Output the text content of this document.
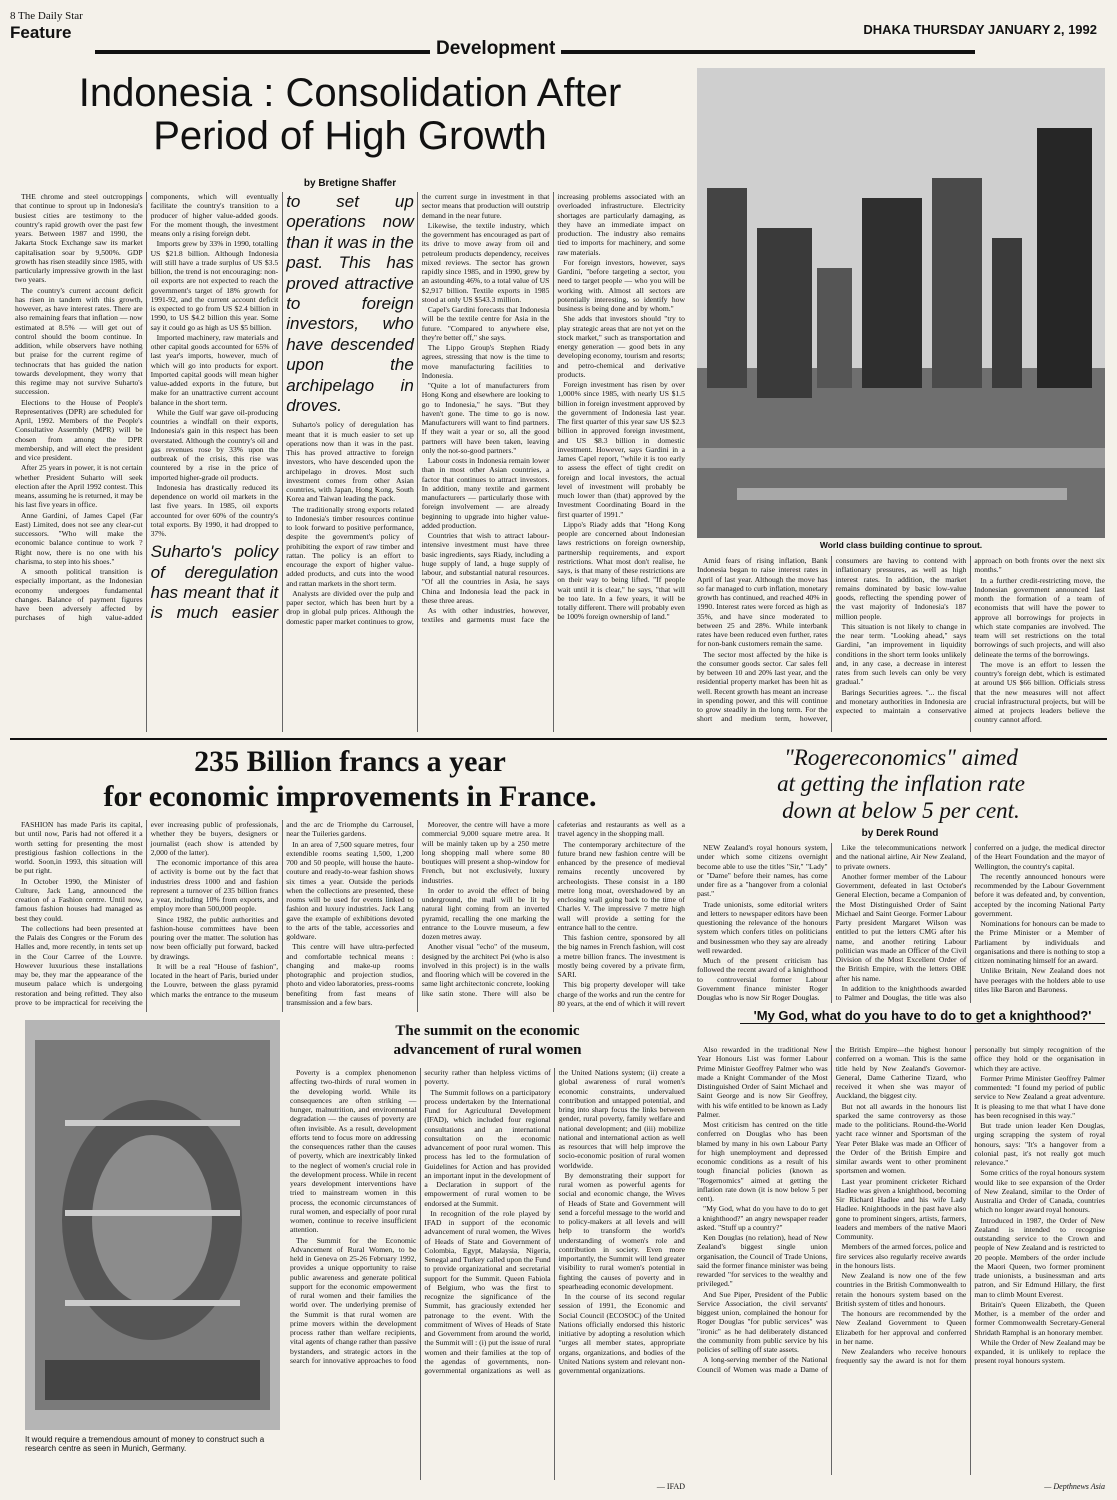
8 The Daily Star
Feature
Development
DHAKA THURSDAY JANUARY 2, 1992
Indonesia : Consolidation After
Period of High Growth
by Bretigne Shaffer
World class building continue to sprout.

THE chrome and steel outcroppings that continue to sprout up in Indonesia's busiest cities are testimony to the country's rapid growth over the past few years. Between 1987 and 1990, the Jakarta Stock Exchange saw its market capitalisation soar by 9,500%. GDP growth has risen steadily since 1985, with particularly impressive growth in the last two years.

The country's current account deficit has risen in tandem with this growth, however, as have interest rates. There are also remaining fears that inflation — now estimated at 8.5% — will get out of control should the boom continue. In addition, while observers have nothing but praise for the current regime of technocrats that has guided the nation towards development, they worry that this regime may not survive Suharto's succession.

Elections to the House of People's Representatives (DPR) are scheduled for April, 1992. Members of the People's Consultative Assembly (MPR) will be chosen from among the DPR membership, and will elect the president and vice president.

After 25 years in power, it is not certain whether President Suharto will seek election after the April 1992 contest. This means, assuming he is returned, it may be his last five years in office.

Anne Gardini, of James Capel (Far East) Limited, does not see any clear-cut successors. "Who will make the economic balance continue to work ? Right now, there is no one with his charisma, to step into his shoes."

A smooth political transition is especially important, as the Indonesian economy undergoes fundamental changes. Balance of payment figures have been adversely affected by purchases of high value-added components, which will eventually facilitate the country's transition to a producer of higher value-added goods. For the moment though, the investment means only a rising foreign debt.

Imports grew by 33% in 1990, totalling US $21.8 billion. Although Indonesia will still have a trade surplus of US $3.5 billion, the trend is not encouraging: non-oil exports are not expected to reach the government's target of 18% growth for 1991-92, and the current account deficit is expected to go from US $2.4 billion in 1990, to US $4.2 billion this year. Some say it could go as high as US $5 billion.

Imported machinery, raw materials and other capital goods accounted for 65% of last year's imports, however, much of which will go into products for export. Imported capital goods will mean higher value-added exports in the future, but make for an unattractive current account balance in the short term.

While the Gulf war gave oil-producing countries a windfall on their exports, Indonesia's gain in this respect has been overstated. Although the country's oil and gas revenues rose by 33% upon the outbreak of the crisis, this rise was countered by a rise in the price of imported higher-grade oil products.

Indonesia has drastically reduced its dependence on world oil markets in the last five years. In 1985, oil exports accounted for over 60% of the country's total exports. By 1990, it had dropped to 37%.

Suharto's policy of deregulation has meant that it is much easier to set up operations now than it was in the past. This has proved attractive to foreign investors, who have descended upon the archipelago in droves.

Suharto's policy of deregulation has meant that it is much easier to set up operations now than it was in the past. This has proved attractive to foreign investors, who have descended upon the archipelago in droves. Most such investment comes from other Asian countries, with Japan, Hong Kong, South Korea and Taiwan leading the pack.

The traditionally strong exports related to Indonesia's timber resources continue to look forward to positive performance, despite the government's policy of prohibiting the export of raw timber and rattan. The policy is an effort to encourage the export of higher value-added products, and cuts into the wood and rattan markets in the short term.

Analysts are divided over the pulp and paper sector, which has been hurt by a drop in global pulp prices. Although the domestic paper market continues to grow, the current surge in investment in that sector means that production will outstrip demand in the near future.

Likewise, the textile industry, which the government has encouraged as part of its drive to move away from oil and petroleum products dependency, receives mixed reviews. The sector has grown rapidly since 1985, and in 1990, grew by an astounding 46%, to a total value of US $2,917 billion. Textile exports in 1985 stood at only US $543.3 million.

Capel's Gardini forecasts that Indonesia will be the textile centre for Asia in the future. "Compared to anywhere else, they're better off," she says.

The Lippo Group's Stephen Riady agrees, stressing that now is the time to move manufacturing facilities to Indonesia.

"Quite a lot of manufacturers from Hong Kong and elsewhere are looking to go to Indonesia," he says. "But they haven't gone. The time to go is now. Manufacturers will want to find partners. If they wait a year or so, all the good partners will have been taken, leaving only the not-so-good partners."

Labour costs in Indonesia remain lower than in most other Asian countries, a factor that continues to attract investors. In addition, many textile and garment manufacturers — particularly those with foreign involvement — are already beginning to upgrade into higher value-added production.

Countries that wish to attract labour-intensive investment must have three basic ingredients, says Riady, including a huge supply of land, a huge supply of labour, and substantial natural resources. "Of all the countries in Asia, he says China and Indonesia lead the pack in these three areas.

As with other industries, however, textiles and garments must face the increasing problems associated with an overloaded infrastructure. Electricity shortages are particularly damaging, as they have an immediate impact on production. The industry also remains tied to imports for machinery, and some raw materials.

For foreign investors, however, says Gardini, "before targeting a sector, you need to target people — who you will be working with. Almost all sectors are potentially interesting, so identify how business is being done and by whom."

She adds that investors should "try to play strategic areas that are not yet on the stock market," such as transportation and energy generation — good bets in any developing economy, tourism and resorts; and petro-chemical and derivative products.

Foreign investment has risen by over 1,000% since 1985, with nearly US $1.5 billion in foreign investment approved by the government of Indonesia last year. The first quarter of this year saw US $2.3 billion in approved foreign investment, and US $8.3 billion in domestic investment. However, says Gardini in a James Capel report, "while it is too early to assess the effect of tight credit on foreign and local investors, the actual level of investment will probably be much lower than (that) approved by the Investment Coordinating Board in the first quarter of 1991."

Lippo's Riady adds that "Hong Kong people are concerned about Indonesian laws restrictions on foreign ownership, partnership requirements, and export restrictions. What most don't realise, he says, is that many of these restrictions are on their way to being lifted. "If people wait until it is clear," he says, "that will be too late. In a few years, it will be totally different. There will probably even be 100% foreign ownership of land."

Amid fears of rising inflation, Bank Indonesia began to raise interest rates in April of last year. Although the move has so far managed to curb inflation, monetary growth has continued, and reached 40% in 1990. Interest rates were forced as high as 35%, and have since moderated to between 25 and 28%. While interbank rates have been reduced even further, rates for non-bank customers remain the same.

The sector most affected by the hike is the consumer goods sector. Car sales fell by between 10 and 20% last year, and the residential property market has been hit as well. Recent growth has meant an increase in spending power, and this will continue to grow steadily in the long term. For the short and medium term, however, consumers are having to contend with inflationary pressures, as well as high interest rates. In addition, the market remains dominated by basic low-value goods, reflecting the spending power of the vast majority of Indonesia's 187 million people.

This situation is not likely to change in the near term. "Looking ahead," says Gardini, "an improvement in liquidity conditions in the short term looks unlikely and, in any case, a decrease in interest rates from such levels can only be very gradual."

Barings Securities agrees. "... the fiscal and monetary authorities in Indonesia are expected to maintain a conservative approach on both fronts over the next six months."

In a further credit-restricting move, the Indonesian government announced last month the formation of a team of economists that will have the power to approve all borrowings for projects in which state companies are involved. The team will set restrictions on the total borrowings of such projects, and will also delineate the terms of the borrowings.

The move is an effort to lessen the country's foreign debt, which is estimated at around US $66 billion. Officials stress that the new measures will not affect crucial infrastructural projects, but will be aimed at projects leaders believe the country cannot afford.

235 Billion francs a year
for economic improvements in France.

FASHION has made Paris its capital, but until now, Paris had not offered it a worth setting for presenting the most prestigious fashion collections in the world. Soon,in 1993, this situation will be put right.

In October 1990, the Minister of Culture, Jack Lang, announced the creation of a Fashion centre. Until now, famous fashion houses had managed as best they could.

The collections had been presented at the Palais des Congres or the Forum des Halles and, more recently, in tents set up in the Cour Carree of the Louvre. However luxurious these installations may be, they mar the appearance of the museum palace which is undergoing restoration and being refitted. They also prove to be impractical for receiving the ever increasing public of professionals, whether they be buyers, designers or journalist (each show is attended by 2,000 of the latter).

The economic importance of this area of activity is borne out by the fact that industries dress 1000 and and fashion represent a turnover of 235 billion francs a year, including 10% from exports, and employ more than 500,000 people.

Since 1982, the public authorities and fashion-house committees have been pouring over the matter. The solution has now been officially put forward, backed by drawings.

It will be a real "House of fashion", located in the heart of Paris, buried under the Louvre, between the glass pyramid which marks the entrance to the museum and the arc de Triomphe du Carrousel, near the Tuileries gardens.

In an area of 7,500 square metres, four extendible rooms seating 1,500, 1,200 700 and 50 people, will house the haute-couture and ready-to-wear fashion shows six times a year. Outside the periods when the collections are presented, these rooms will be used for events linked to fashion and luxury industries. Jack Lang gave the example of exhibitions devoted to the arts of the table, accessories and goldware.

This centre will have ultra-perfected and comfortable technical means : changing and make-up rooms photographic and projection studios, photo and video laboratories, press-rooms benefiting from fast means of transmission and a few bars.

Moreover, the centre will have a more commercial 9,000 square metre area. It will be mainly taken up by a 250 metre long shopping mall where some 80 boutiques will present a shop-window for French, but not exclusively, luxury industries.

In order to avoid the effect of being underground, the mall will be lit by natural light coming from an inverted pyramid, recalling the one marking the entrance to the Louvre museum, a few dozen metres away.

Another visual "echo" of the museum, designed by the architect Pei (who is also involved in this project) is in the walls and flooring which will be covered in the same light architectonic concrete, looking like satin stone. There will also be cafeterias and restaurants as well as a travel agency in the shopping mall.

The contemporary architecture of the future brand new fashion centre will be enhanced by the presence of medieval remains recently uncovered by archeologists. These consist in a 180 metre long moat, overshadowed by an enclosing wall going back to the time of Charles V. The impressive 7 metre high wall will provide a setting for the entrance hall to the centre.

This fashion centre, sponsored by all the big names in French fashion, will cost a metre billion francs. The investment is mostly being covered by a private firm, SARI.

This big property developer will take charge of the works and run the centre for 80 years, at the end of which it will revert

It would require a tremendous amount of money to construct such a research centre as seen in Munich, Germany.
The summit on the economic
advancement of rural women

Poverty is a complex phenomenon affecting two-thirds of rural women in the developing world. While its consequences are often striking — hunger, malnutrition, and environmental degradation — the causes of poverty are often invisible. As a result, development efforts tend to focus more on addressing the consequences rather than the causes of poverty, which are inextricably linked to the neglect of women's crucial role in the development process. While in recent years development interventions have tried to mainstream women in this process, the economic circumstances of rural women, and especially of poor rural women, continue to receive insufficient attention.

The Summit for the Economic Advancement of Rural Women, to be held in Geneva on 25-26 February 1992, provides a unique opportunity to raise public awareness and generate political support for the economic empowerment of rural women and their families the world over. The underlying premise of the Summit is that rural women are prime movers within the development process rather than welfare recipients, vital agents of change rather than passive bystanders, and strategic actors in the search for innovative approaches to food security rather than helpless victims of poverty.

The Summit follows on a participatory process undertaken by the International Fund for Agricultural Development (IFAD), which included four regional consultations and an international consultation on the economic advancement of poor rural women. This process has led to the formulation of Guidelines for Action and has provided an important input in the development of a Declaration in support of the empowerment of rural women to be endorsed at the Summit.

In recognition of the role played by IFAD in support of the economic advancement of rural women, the Wives of Heads of State and Government of Colombia, Egypt, Malaysia, Nigeria, Senegal and Turkey called upon the Fund to provide organizational and secretarial support for the Summit. Queen Fabiola of Belgium, who was the first to recognize the significance of the Summit, has graciously extended her patronage to the event. With the commitment of Wives of Heads of State and Government from around the world, the Summit will : (i) put the issue of rural women and their families at the top of the agendas of governments, non-governmental organizations as well as the United Nations system; (ii) create a global awareness of rural women's economic constraints, undervalued contribution and untapped potential, and bring into sharp focus the links between gender, rural poverty, family welfare and national development; and (iii) mobilize national and international action as well as resources that will help improve the socio-economic position of rural women worldwide.

By demonstrating their support for rural women as powerful agents for social and economic change, the Wives of Heads of State and Government will send a forceful message to the world and to policy-makers at all levels and will help to transform the world's understanding of women's role and contribution in society. Even more importantly, the Summit will lend greater visibility to rural women's potential in fighting the causes of poverty and in spearheading economic development.

In the course of its second regular session of 1991, the Economic and Social Council (ECOSOC) of the United Nations officially endorsed this historic initiative by adopting a resolution which "urges all member states, appropriate organs, organizations, and bodies of the United Nations system and relevant non-governmental organizations.

— IFAD
"Rogereconomics" aimed
at getting the inflation rate
down at below 5 per cent.
by Derek Round

NEW Zealand's royal honours system, under which some citizens overnight become able to use the titles "Sir," "Lady" or "Dame" before their names, has come under fire as a "hangover from a colonial past."

Trade unionists, some editorial writers and letters to newspaper editors have been questioning the relevance of the honours system which confers titles on politicians and businessmen who they say are already well rewarded.

Much of the present criticism has followed the recent award of a knighthood to controversial former Labour Government finance minister Roger Douglas who is now Sir Roger Douglas.

Like the telecommunications network and the national airline, Air New Zealand, to private owners.

Another former member of the Labour Government, defeated in last October's General Election, became a Companion of the Most Distinguished Order of Saint Michael and Saint George. Former Labour Party president Margaret Wilson was entitled to put the letters CMG after his name, and another retiring Labour politician was made an Officer of the Civil Division of the Most Excellent Order of the British Empire, with the letters OBE after his name.

In addition to the knighthoods awarded to Palmer and Douglas, the title was also conferred on a judge, the medical director of the Heart Foundation and the mayor of Wellington, the country's capital.

The recently announced honours were recommended by the Labour Government before it was defeated and, by convention, accepted by the incoming National Party government.

Nominations for honours can be made to the Prime Minister or a Member of Parliament by individuals and organisations and there is nothing to stop a citizen nominating himself for an award.

Unlike Britain, New Zealand does not have peerages with the holders able to use titles like Baron and Baroness.

'My God, what do you have to do to get a knighthood?'

Also rewarded in the traditional New Year Honours List was former Labour Prime Minister Geoffrey Palmer who was made a Knight Commander of the Most Distinguished Order of Saint Michael and Saint George and is now Sir Geoffrey, with his wife entitled to be known as Lady Palmer.

Most criticism has centred on the title conferred on Douglas who has been blamed by many in his own Labour Party for high unemployment and depressed economic conditions as a result of his tough financial policies (known as "Rogernomics" aimed at getting the inflation rate down (it is now below 5 per cent).

"My God, what do you have to do to get a knighthood?" an angry newspaper reader asked. "Stuff up a country?"

Ken Douglas (no relation), head of New Zealand's biggest single union organisation, the Council of Trade Unions, said the former finance minister was being rewarded "for services to the wealthy and privileged."

And Sue Piper, President of the Public Service Association, the civil servants' biggest union, complained the honour for Roger Douglas "for public services" was "ironic" as he had deliberately distanced the community from public service by his policies of selling off state assets.

A long-serving member of the National Council of Women was made a Dame of the British Empire—the highest honour conferred on a woman. This is the same title held by New Zealand's Governor-General, Dame Catherine Tizard, who received it when she was mayor of Auckland, the biggest city.

But not all awards in the honours list sparked the same controversy as those made to the politicians. Round-the-World yacht race winner and Sportsman of the Year Peter Blake was made an Officer of the Order of the British Empire and similar awards went to other prominent sportsmen and women.

Last year prominent cricketer Richard Hadlee was given a knighthood, becoming Sir Richard Hadlee and his wife Lady Hadlee. Knighthoods in the past have also gone to prominent singers, artists, farmers, leaders and members of the native Maori Community.

Members of the armed forces, police and fire services also regularly receive awards in the honours lists.

New Zealand is now one of the few countries in the British Commonwealth to retain the honours system based on the British system of titles and honours.

The honours are recommended by the New Zealand Government to Queen Elizabeth for her approval and conferred in her name.

New Zealanders who receive honours frequently say the award is not for them personally but simply recognition of the office they hold or the organisation in which they are active.

Former Prime Minister Geoffrey Palmer commented: "I found my period of public service to New Zealand a great adventure. It is pleasing to me that what I have done has been recognised in this way."

But trade union leader Ken Douglas, urging scrapping the system of royal honours, says: "It's a hangover from a colonial past, it's not really got much relevance."

Some critics of the royal honours system would like to see expansion of the Order of New Zealand, similar to the Order of Australia and Order of Canada, countries which no longer award royal honours.

Introduced in 1987, the Order of New Zealand is intended to recognise outstanding service to the Crown and people of New Zealand and is restricted to 20 people. Members of the order include the Maori Queen, two former prominent trade unionists, a businessman and arts patron, and Sir Edmund Hillary, the first man to climb Mount Everest.

Britain's Queen Elizabeth, the Queen Mother, is a member of the order and former Commonwealth Secretary-General Shridath Ramphal is an honorary member.

While the Order of New Zealand may be expanded, it is unlikely to replace the present royal honours system.

— Depthnews Asia
